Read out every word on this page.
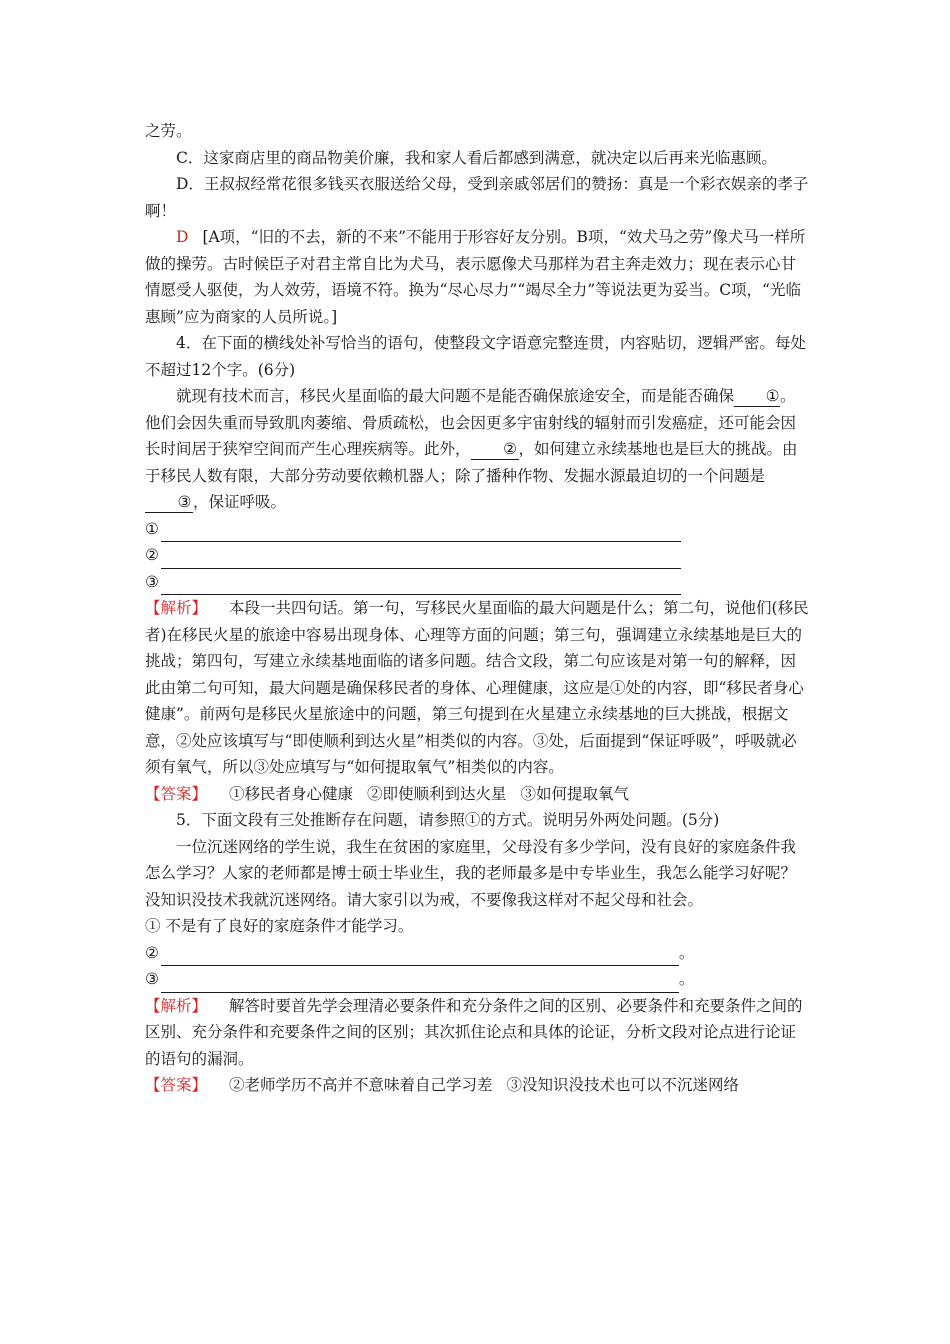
之劳。

C．这家商店里的商品物美价廉，我和家人看后都感到满意，就决定以后再来光临惠顾。

D．王叔叔经常花很多钱买衣服送给父母，受到亲戚邻居们的赞扬：真是一个彩衣娱亲的孝子啊！

D [A项，“旧的不去，新的不来”不能用于形容好友分别。B项，“效犬马之劳”像犬马一样所做的操劳。古时候臣子对君主常自比为犬马，表示愿像犬马那样为君主奔走效力；现在表示心甘情愿受人驱使，为人效劳，语境不符。换为“尽心尽力”“竭尽全力”等说法更为妥当。C项，“光临惠顾”应为商家的人员所说。]

4．在下面的横线处补写恰当的语句，使整段文字语意完整连贯，内容贴切，逻辑严密。每处不超过12个字。(6分)

就现有技术而言，移民火星面临的最大问题不是能否确保旅途安全，而是能否确保 ①。他们会因失重而导致肌肉萎缩、骨质疏松，也会因更多宇宙射线的辐射而引发癌症，还可能会因长时间居于狭窄空间而产生心理疾病等。此外， ②，如何建立永续基地也是巨大的挑战。由于移民人数有限，大部分劳动要依赖机器人；除了播种作物、发掘水源最迫切的一个问题是③，保证呼吸。

①
②
③

【解析】 本段一共四句话。第一句，写移民火星面临的最大问题是什么；第二句，说他们(移民者)在移民火星的旅途中容易出现身体、心理等方面的问题；第三句，强调建立永续基地是巨大的挑战；第四句，写建立永续基地面临的诸多问题。结合文段，第二句应该是对第一句的解释，因此由第二句可知，最大问题是确保移民者的身体、心理健康，这应是①处的内容，即“移民者身心健康”。前两句是移民火星旅途中的问题，第三句提到在火星建立永续基地的巨大挑战，根据文意，②处应该填写与“即使顺利到达火星”相类似的内容。③处，后面提到“保证呼吸”，呼吸就必须有氧气，所以③处应填写与“如何提取氧气”相类似的内容。

【答案】 ①移民者身心健康 ②即使顺利到达火星 ③如何提取氧气

5．下面文段有三处推断存在问题，请参照①的方式。说明另外两处问题。(5分)

一位沉迷网络的学生说，我生在贫困的家庭里，父母没有多少学问，没有良好的家庭条件我怎么学习？人家的老师都是博士硕士毕业生，我的老师最多是中专毕业生，我怎么能学习好呢？没知识没技术我就沉迷网络。请大家引以为戒，不要像我这样对不起父母和社会。

① 不是有了良好的家庭条件才能学习。

②	。
③	。

【解析】 解答时要首先学会理清必要条件和充分条件之间的区别、必要条件和充要条件之间的区别、充分条件和充要条件之间的区别；其次抓住论点和具体的论证，分析文段对论点进行论证的语句的漏洞。

【答案】 ②老师学历不高并不意味着自己学习差 ③没知识没技术也可以不沉迷网络
